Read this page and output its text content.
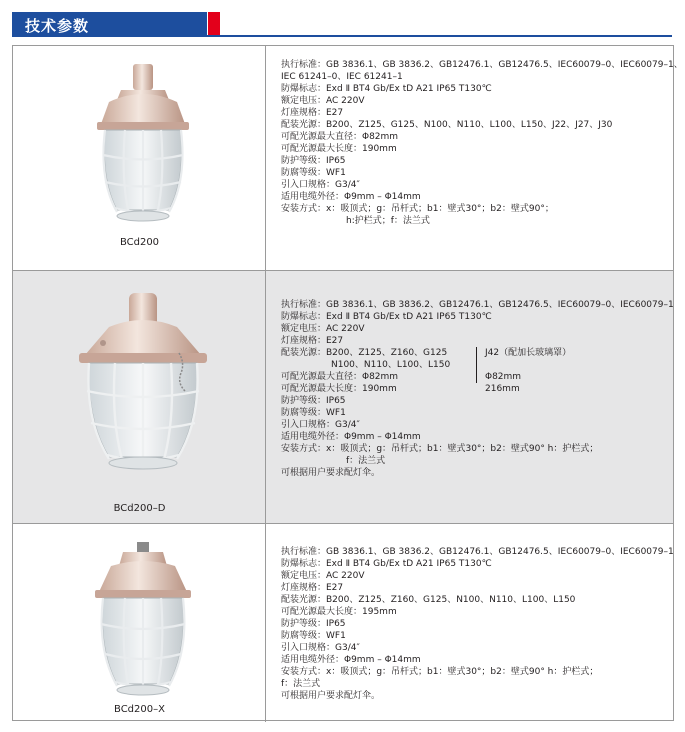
技术参数
BCd200
执行标准：GB 3836.1、GB 3836.2、GB12476.1、GB12476.5、IEC60079–0、IEC60079–1、
IEC 61241–0、IEC 61241–1
防爆标志：Exd Ⅱ BT4 Gb/Ex tD A21 IP65 T130℃
额定电压：AC 220V
灯座规格：E27
配装光源：B200、Z125、G125、N100、N110、L100、L150、J22、J27、J30
可配光源最大直径：Φ82mm
可配光源最大长度：190mm
防护等级：IP65
防腐等级：WF1
引入口规格：G3/4″
适用电缆外径：Φ9mm – Φ14mm
安装方式：x：吸顶式；g：吊杆式；b1：壁式30°；b2：壁式90°；
h:护栏式；f：法兰式
BCd200–D
执行标准：GB 3836.1、GB 3836.2、GB12476.1、GB12476.5、IEC60079–0、IEC60079–1
防爆标志：Exd Ⅱ BT4 Gb/Ex tD A21 IP65 T130℃
额定电压：AC 220V
灯座规格：E27
配装光源：B200、Z125、Z160、G125	J42（配加长玻璃罩）
N100、N110、L100、L150
可配光源最大直径：Φ82mm	Φ82mm
可配光源最大长度：190mm	216mm
防护等级：IP65
防腐等级：WF1
引入口规格：G3/4″
适用电缆外径：Φ9mm – Φ14mm
安装方式：x：吸顶式；g：吊杆式；b1：壁式30°；b2：壁式90° h：护栏式；
f：法兰式
可根据用户要求配灯伞。
BCd200–X
执行标准：GB 3836.1、GB 3836.2、GB12476.1、GB12476.5、IEC60079–0、IEC60079–1
防爆标志：Exd Ⅱ BT4 Gb/Ex tD A21 IP65 T130℃
额定电压：AC 220V
灯座规格：E27
配装光源：B200、Z125、Z160、G125、N100、N110、L100、L150
可配光源最大长度：195mm
防护等级：IP65
防腐等级：WF1
引入口规格：G3/4″
适用电缆外径：Φ9mm – Φ14mm
安装方式：x：吸顶式；g：吊杆式；b1：壁式30°；b2：壁式90° h：护栏式；
f：法兰式
可根据用户要求配灯伞。
